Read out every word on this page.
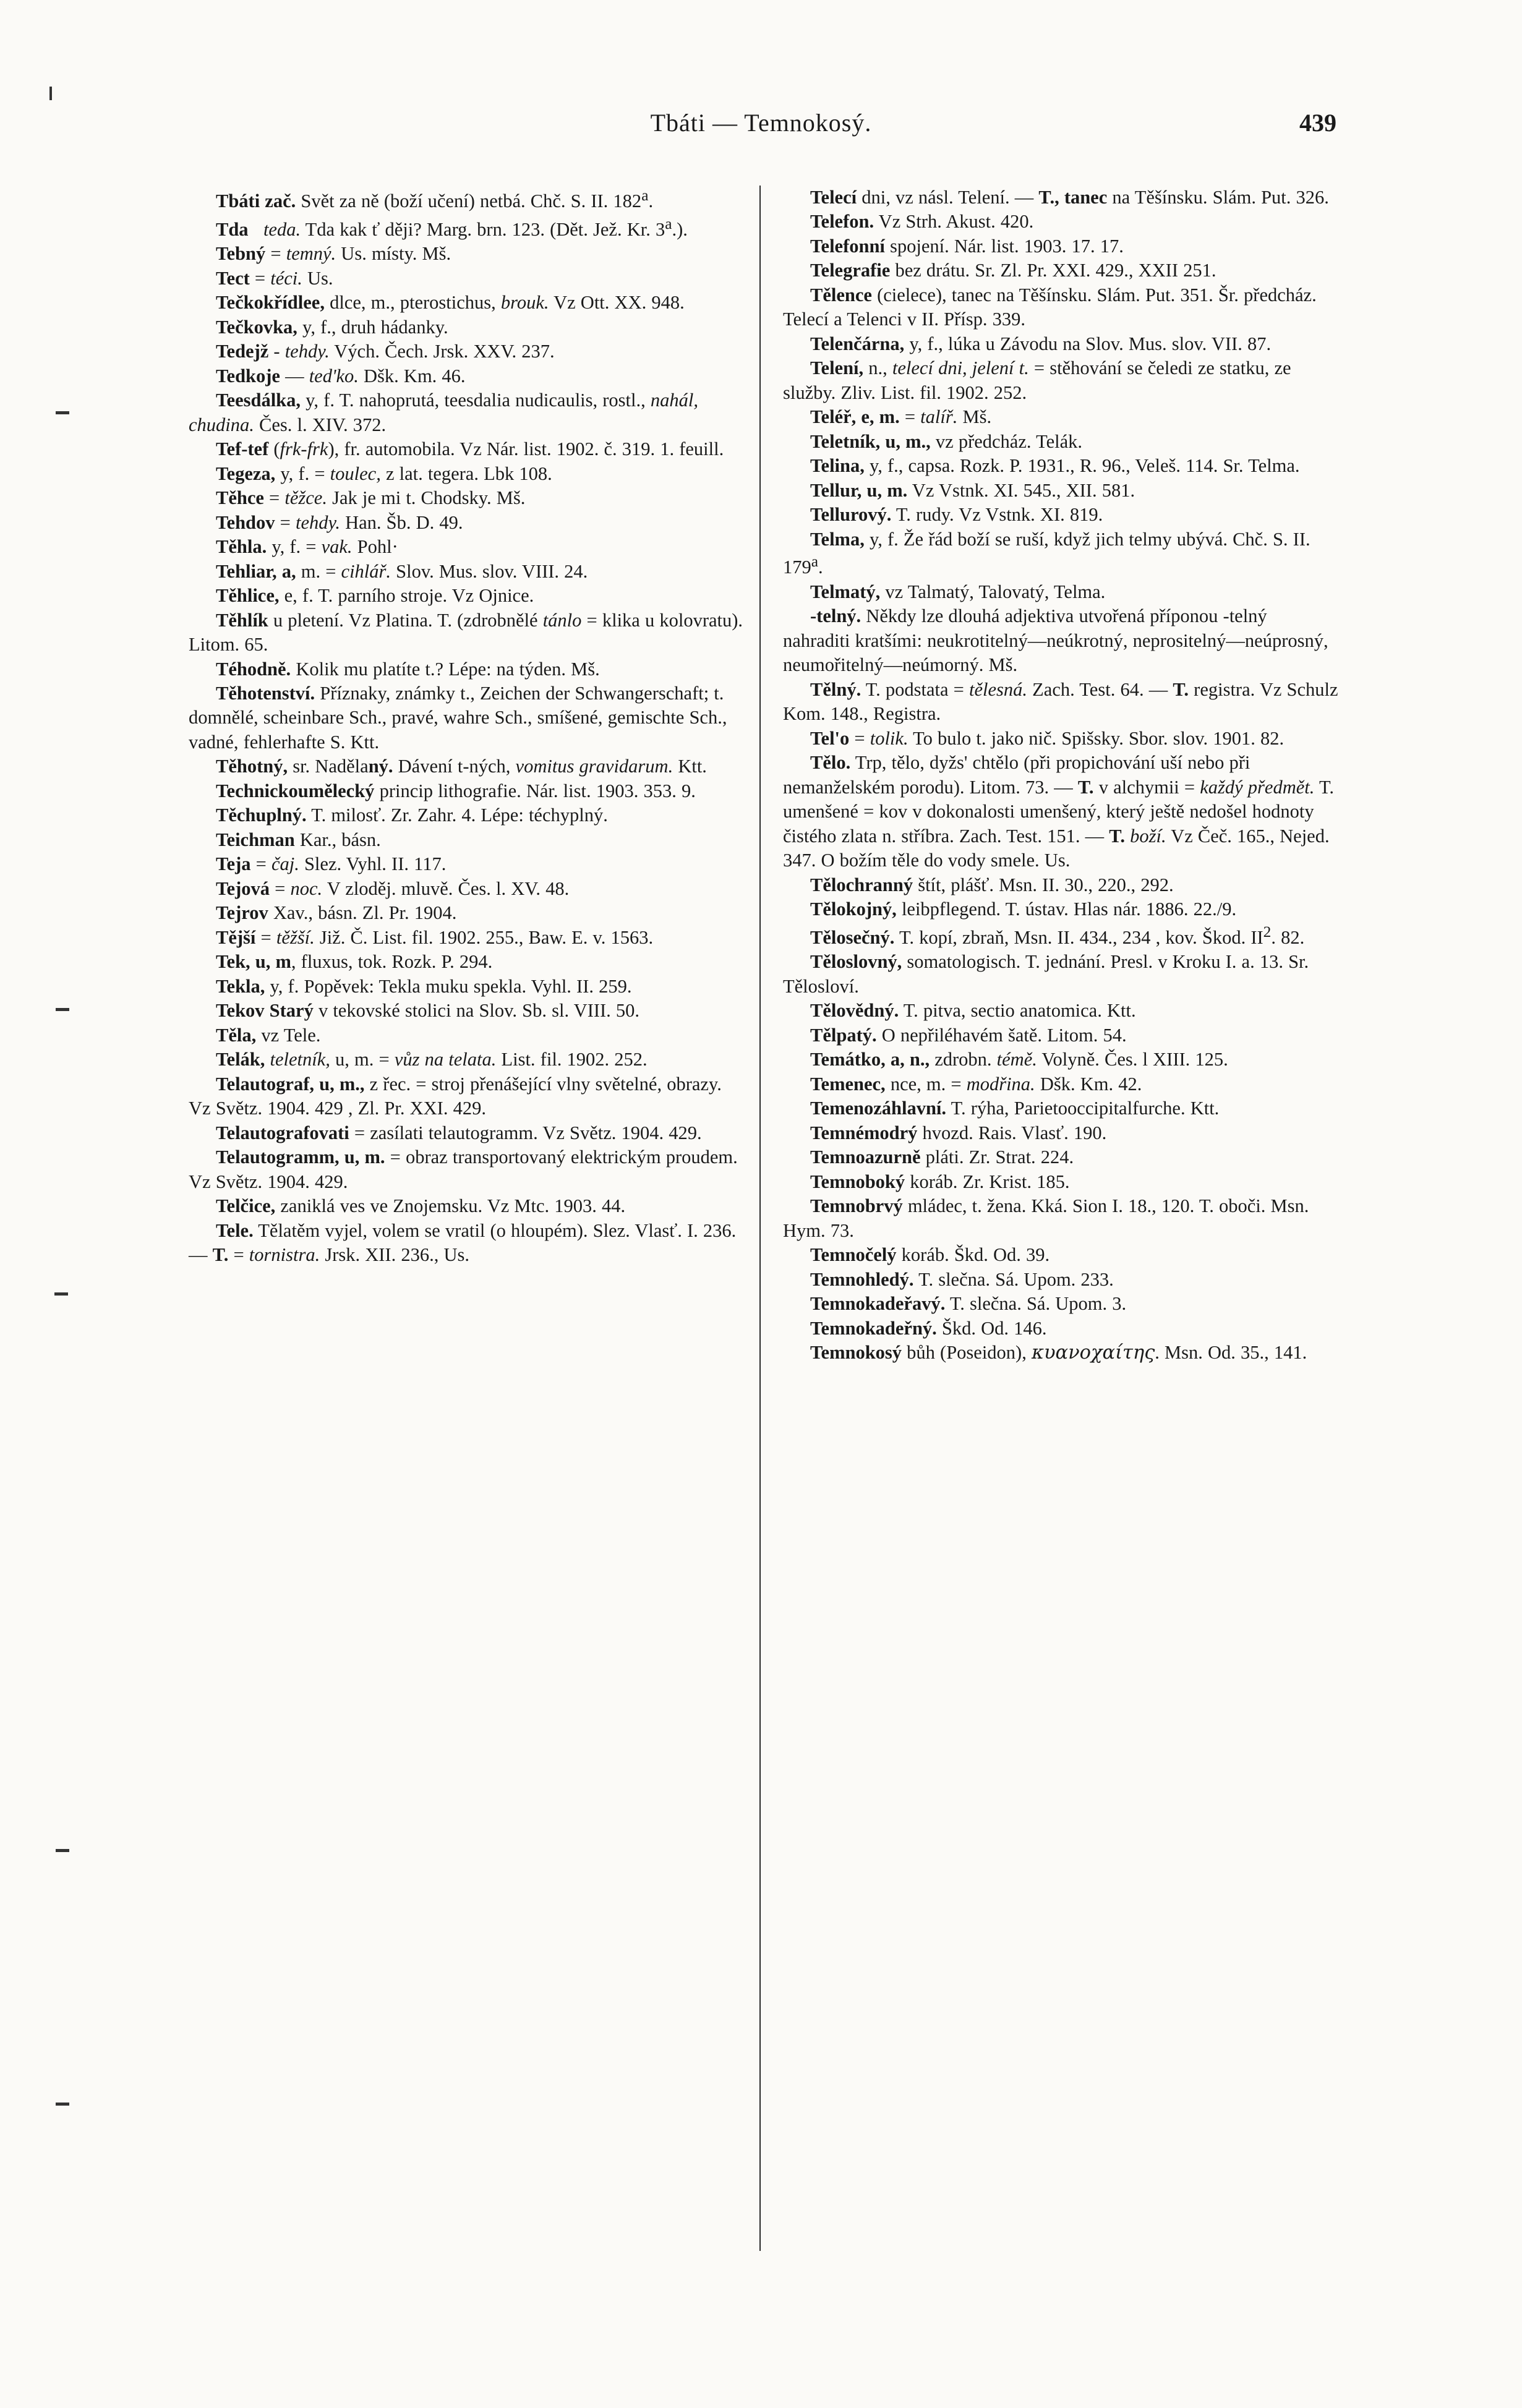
Tbáti — Temnokosý.	439

Tbáti zač. Svět za ně (boží učení) netbá. Chč. S. II. 182$^a$.

Tda teda. Tda kak ť ději? Marg. brn. 123. (Dět. Jež. Kr. 3$^a$.).

Tebný = temný. Us. místy. Mš.

Tect = téci. Us.

Tečkokřídlee, dlce, m., pterostichus, brouk. Vz Ott. XX. 948.

Tečkovka, y, f., druh hádanky.

Tedejž - tehdy. Vých. Čech. Jrsk. XXV. 237.

Tedkoje — ted'ko. Dšk. Km. 46.

Teesdálka, y, f. T. nahoprutá, teesdalia nudicaulis, rostl., nahál, chudina. Čes. l. XIV. 372.

Tef-tef (frk-frk), fr. automobila. Vz Nár. list. 1902. č. 319. 1. feuill.

Tegeza, y, f. = toulec, z lat. tegera. Lbk 108.

Těhce = těžce. Jak je mi t. Chodsky. Mš.

Tehdov = tehdy. Han. Šb. D. 49.

Těhla. y, f. = vak. Pohl·

Tehliar, a, m. = cihlář. Slov. Mus. slov. VIII. 24.

Těhlice, e, f. T. parního stroje. Vz Ojnice.

Těhlík u pletení. Vz Platina. T. (zdrobnělé tánlo = klika u kolovratu). Litom. 65.

Téhodně. Kolik mu platíte t.? Lépe: na týden. Mš.

Těhotenství. Příznaky, známky t., Zeichen der Schwangerschaft; t. domnělé, scheinbare Sch., pravé, wahre Sch., smíšené, gemischte Sch., vadné, fehlerhafte S. Ktt.

Těhotný, sr. Nadělaný. Dávení t-ných, vomitus gravidarum. Ktt.

Technickoumělecký princip lithografie. Nár. list. 1903. 353. 9.

Těchuplný. T. milosť. Zr. Zahr. 4. Lépe: téchyplný.

Teichman Kar., básn.

Teja = čaj. Slez. Vyhl. II. 117.

Tejová = noc. V zloděj. mluvě. Čes. l. XV. 48.

Tejrov Xav., básn. Zl. Pr. 1904.

Tější = těžší. Již. Č. List. fil. 1902. 255., Baw. E. v. 1563.

Tek, u, m, fluxus, tok. Rozk. P. 294.

Tekla, y, f. Popěvek: Tekla muku spekla. Vyhl. II. 259.

Tekov Starý v tekovské stolici na Slov. Sb. sl. VIII. 50.

Těla, vz Tele.

Telák, teletník, u, m. = vůz na telata. List. fil. 1902. 252.

Telautograf, u, m., z řec. = stroj přenášející vlny světelné, obrazy. Vz Světz. 1904. 429 , Zl. Pr. XXI. 429.

Telautografovati = zasílati telautogramm. Vz Světz. 1904. 429.

Telautogramm, u, m. = obraz transportovaný elektrickým proudem. Vz Světz. 1904. 429.

Telčice, zaniklá ves ve Znojemsku. Vz Mtc. 1903. 44.

Tele. Tělatěm vyjel, volem se vratil (o hloupém). Slez. Vlasť. I. 236. — T. = tornistra. Jrsk. XII. 236., Us.

Telecí dni, vz násl. Telení. — T., tanec na Těšínsku. Slám. Put. 326.

Telefon. Vz Strh. Akust. 420.

Telefonní spojení. Nár. list. 1903. 17. 17.

Telegrafie bez drátu. Sr. Zl. Pr. XXI. 429., XXII 251.

Tělence (cielece), tanec na Těšínsku. Slám. Put. 351. Šr. předcház. Telecí a Telenci v II. Přísp. 339.

Telenčárna, y, f., lúka u Závodu na Slov. Mus. slov. VII. 87.

Telení, n., telecí dni, jelení t. = stěhování se čeledi ze statku, ze služby. Zliv. List. fil. 1902. 252.

Teléř, e, m. = talíř. Mš.

Teletník, u, m., vz předcház. Telák.

Telina, y, f., capsa. Rozk. P. 1931., R. 96., Veleš. 114. Sr. Telma.

Tellur, u, m. Vz Vstnk. XI. 545., XII. 581.

Tellurový. T. rudy. Vz Vstnk. XI. 819.

Telma, y, f. Že řád boží se ruší, když jich telmy ubývá. Chč. S. II. 179$^a$.

Telmatý, vz Talmatý, Talovatý, Telma.

-telný. Někdy lze dlouhá adjektiva utvořená příponou -telný nahraditi kratšími: neukrotitelný—neúkrotný, neprositelný—neúprosný, neumořitelný—neúmorný. Mš.

Tělný. T. podstata = tělesná. Zach. Test. 64. — T. registra. Vz Schulz Kom. 148., Registra.

Tel'o = tolik. To bulo t. jako nič. Spišsky. Sbor. slov. 1901. 82.

Tělo. Trp, tělo, dyžs' chtělo (při propichování uší nebo při nemanželském porodu). Litom. 73. — T. v alchymii = každý předmět. T. umenšené = kov v dokonalosti umenšený, který ještě nedošel hodnoty čistého zlata n. stříbra. Zach. Test. 151. — T. boží. Vz Čeč. 165., Nejed. 347. O božím těle do vody smele. Us.

Tělochranný štít, plášť. Msn. II. 30., 220., 292.

Tělokojný, leibpflegend. T. ústav. Hlas nár. 1886. 22./9.

Tělosečný. T. kopí, zbraň, Msn. II. 434., 234 , kov. Škod. $II^2$. 82.

Těloslovný, somatologisch. T. jednání. Presl. v Kroku I. a. 13. Sr. Tělosloví.

Tělovědný. T. pitva, sectio anatomica. Ktt.

Tělpatý. O nepřiléhavém šatě. Litom. 54.

Temátko, a, n., zdrobn. témě. Volyně. Čes. l XIII. 125.

Temenec, nce, m. = modřina. Dšk. Km. 42.

Temenozáhlavní. T. rýha, Parietooccipitalfurche. Ktt.

Temnémodrý hvozd. Rais. Vlasť. 190.

Temnoazurně pláti. Zr. Strat. 224.

Temnoboký koráb. Zr. Krist. 185.

Temnobrvý mládec, t. žena. Kká. Sion I. 18., 120. T. oboči. Msn. Hym. 73.

Temnočelý koráb. Škd. Od. 39.

Temnohledý. T. slečna. Sá. Upom. 233.

Temnokadeřavý. T. slečna. Sá. Upom. 3.

Temnokadeřný. Škd. Od. 146.

Temnokosý bůh (Poseidon), κυανοχαίτης. Msn. Od. 35., 141.
